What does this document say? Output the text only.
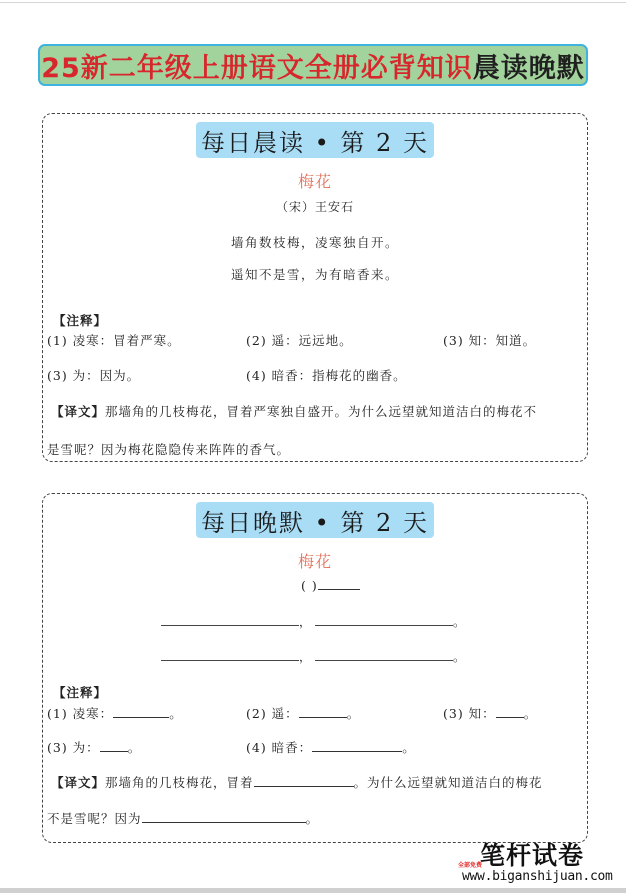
25新二年级上册语文全册必背知识 晨读晚默
每日晨读 • 第 2 天
梅花
（宋）王安石
墙角数枝梅，凌寒独自开。
遥知不是雪，为有暗香来。
【注释】
(1) 凌寒：冒着严寒。	(2) 遥：远远地。	(3) 知：知道。
(3) 为：因为。	(4) 暗香：指梅花的幽香。
【译文】那墙角的几枝梅花，冒着严寒独自盛开。为什么远望就知道洁白的梅花不
是雪呢？因为梅花隐隐传来阵阵的香气。
每日晚默 • 第 2 天
梅花
( )
，	。
，	。
【注释】
(1) 凌寒：	。	(2) 遥：	。	(3) 知： 。
(3) 为： 。	(4) 暗香：	。
【译文】那墙角的几枝梅花，冒着	。为什么远望就知道洁白的梅花
不是雪呢？因为	。
笔杆试卷
全部免费
www.biganshijuan.com
